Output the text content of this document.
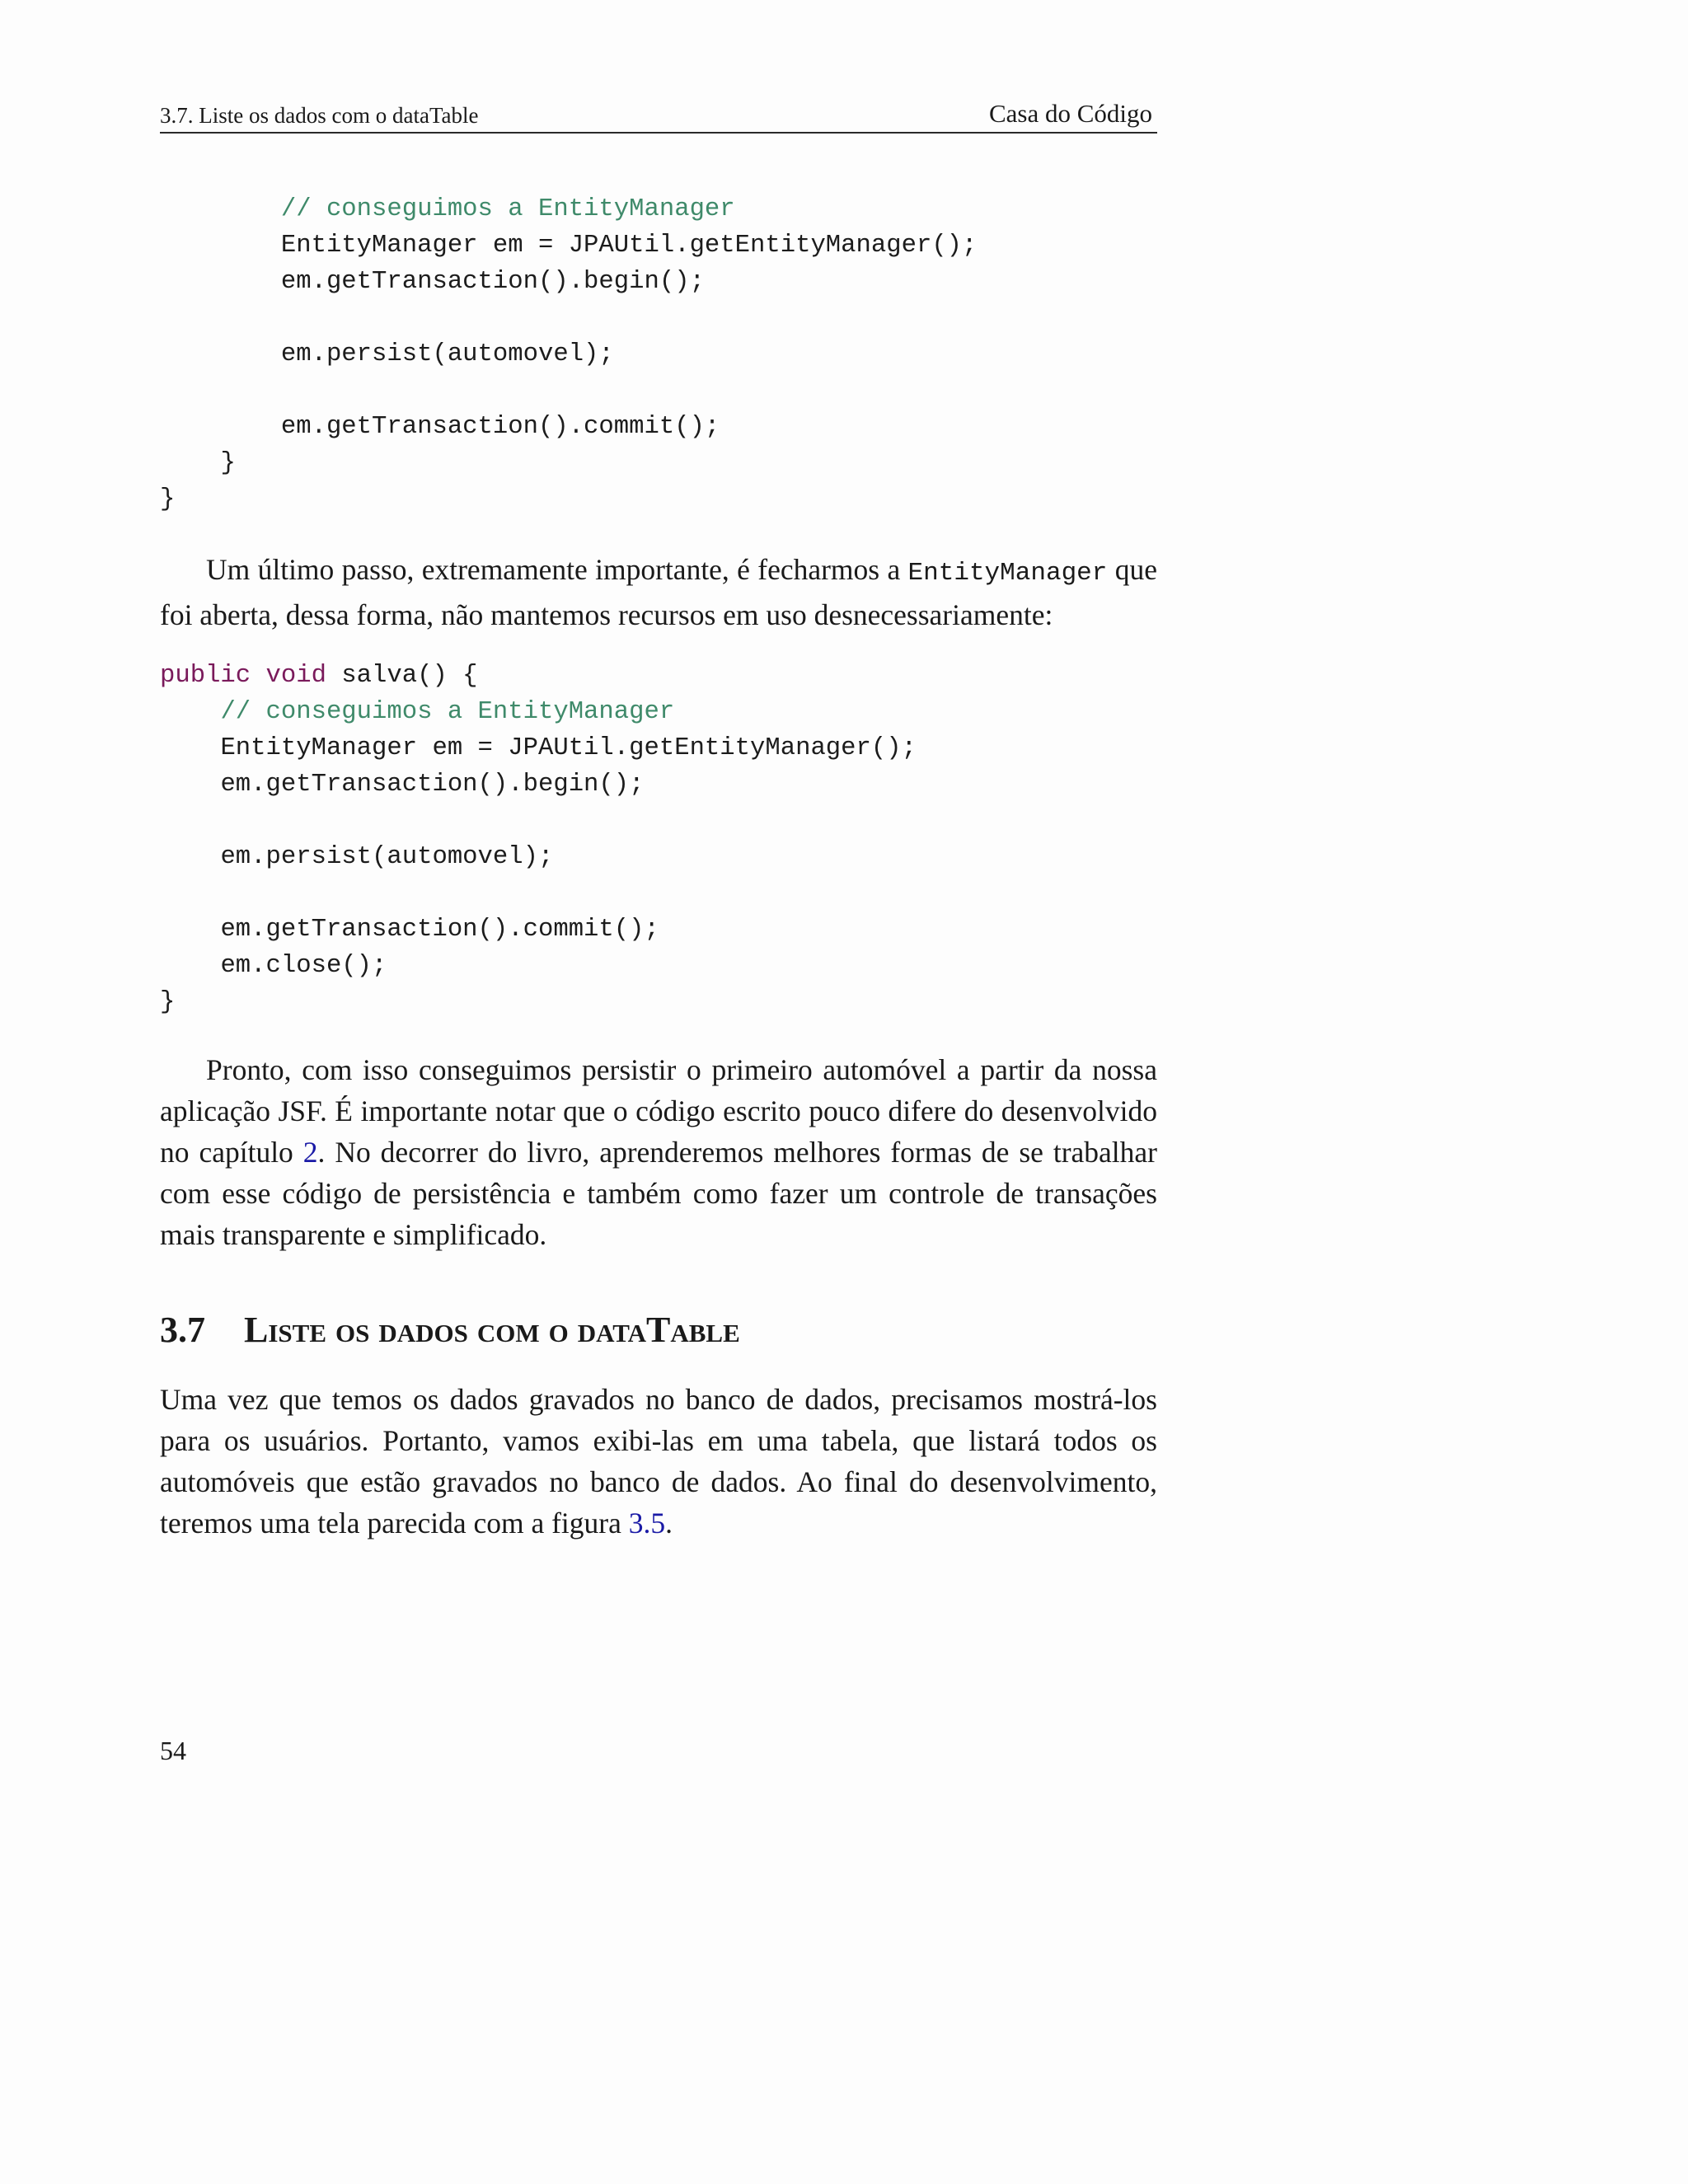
3.7. Liste os dados com o dataTable	Casa do Código
// conseguimos a EntityManager
EntityManager em = JPAUtil.getEntityManager();
em.getTransaction().begin();
em.persist(automovel);
em.getTransaction().commit();
}
}

Um último passo, extremamente importante, é fecharmos a EntityManager que foi aberta, dessa forma, não mantemos recursos em uso desnecessariamente:

public void salva() {
// conseguimos a EntityManager
EntityManager em = JPAUtil.getEntityManager();
em.getTransaction().begin();
em.persist(automovel);
em.getTransaction().commit();
em.close();
}

Pronto, com isso conseguimos persistir o primeiro automóvel a partir da nossa aplicação JSF. É importante notar que o código escrito pouco difere do desenvolvido no capítulo 2. No decorrer do livro, aprenderemos melhores formas de se trabalhar com esse código de persistência e também como fazer um controle de transações mais transparente e simplificado.

3.7 Liste os dados com o dataTable

Uma vez que temos os dados gravados no banco de dados, precisamos mostrá-los para os usuários. Portanto, vamos exibi-las em uma tabela, que listará todos os automóveis que estão gravados no banco de dados. Ao final do desenvolvimento, teremos uma tela parecida com a figura 3.5.

54
